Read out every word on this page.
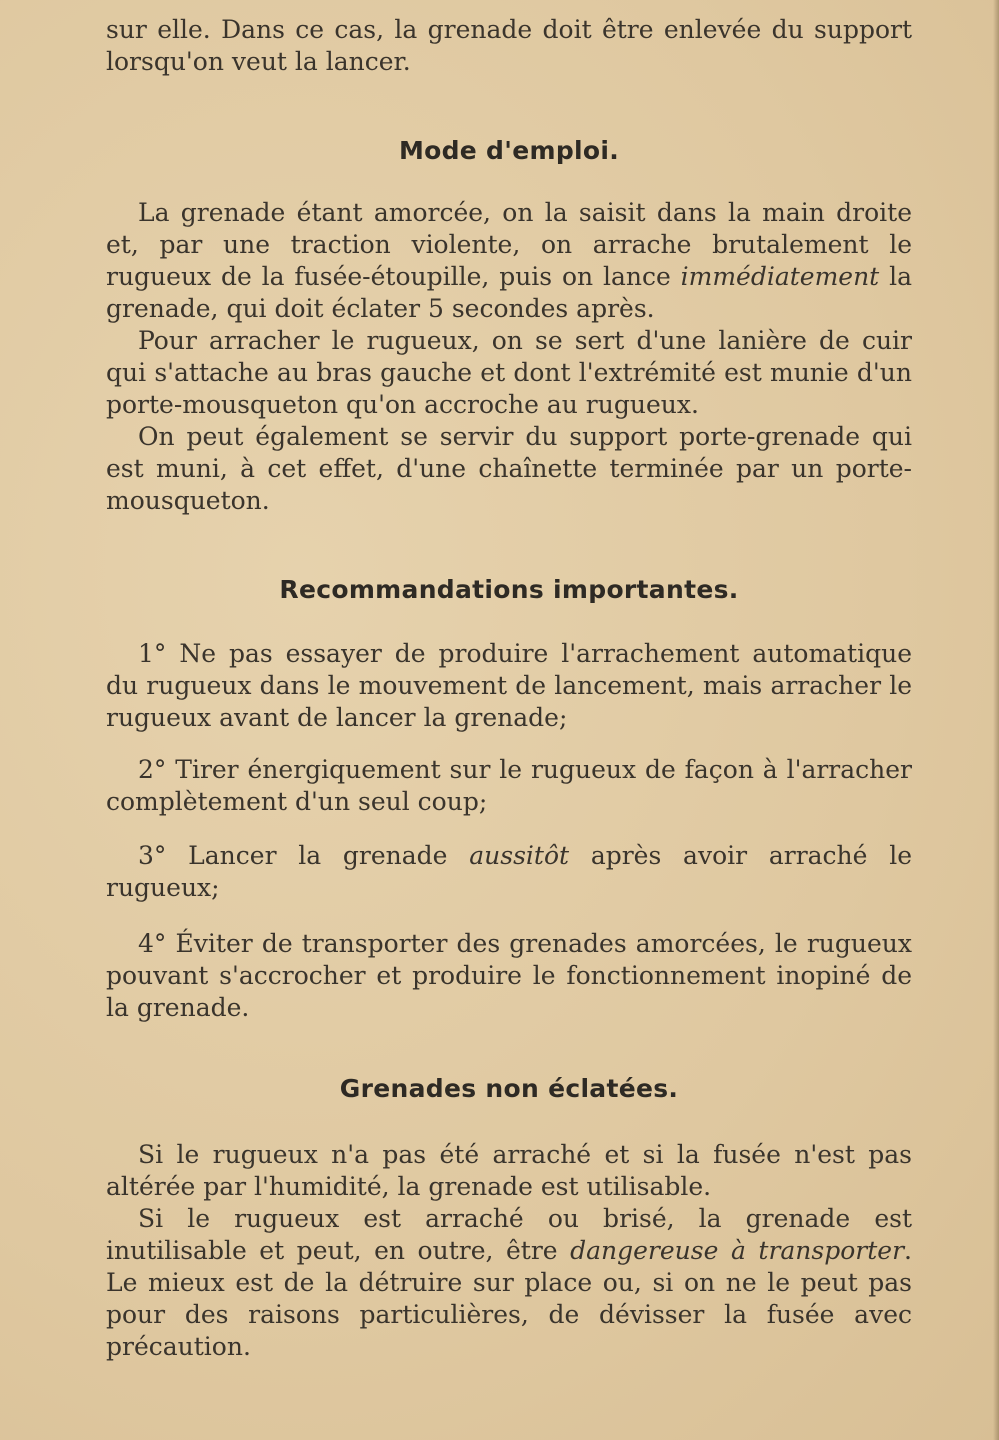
sur elle. Dans ce cas, la grenade doit être enlevée du support lorsqu'on veut la lancer.

Mode d'emploi.

La grenade étant amorcée, on la saisit dans la main droite et, par une traction violente, on arrache brutalement le rugueux de la fusée-étoupille, puis on lance immédiatement la grenade, qui doit éclater 5 secondes après.

Pour arracher le rugueux, on se sert d'une lanière de cuir qui s'attache au bras gauche et dont l'extrémité est munie d'un porte-mousqueton qu'on accroche au rugueux.

On peut également se servir du support porte-grenade qui est muni, à cet effet, d'une chaînette terminée par un porte-mousqueton.

Recommandations importantes.

1° Ne pas essayer de produire l'arrachement automatique du rugueux dans le mouvement de lancement, mais arracher le rugueux avant de lancer la grenade;

2° Tirer énergiquement sur le rugueux de façon à l'arracher complètement d'un seul coup;

3° Lancer la grenade aussitôt après avoir arraché le rugueux;

4° Éviter de transporter des grenades amorcées, le rugueux pouvant s'accrocher et produire le fonctionnement inopiné de la grenade.

Grenades non éclatées.

Si le rugueux n'a pas été arraché et si la fusée n'est pas altérée par l'humidité, la grenade est utilisable.

Si le rugueux est arraché ou brisé, la grenade est inutilisable et peut, en outre, être dangereuse à transporter. Le mieux est de la détruire sur place ou, si on ne le peut pas pour des raisons particulières, de dévisser la fusée avec précaution.
